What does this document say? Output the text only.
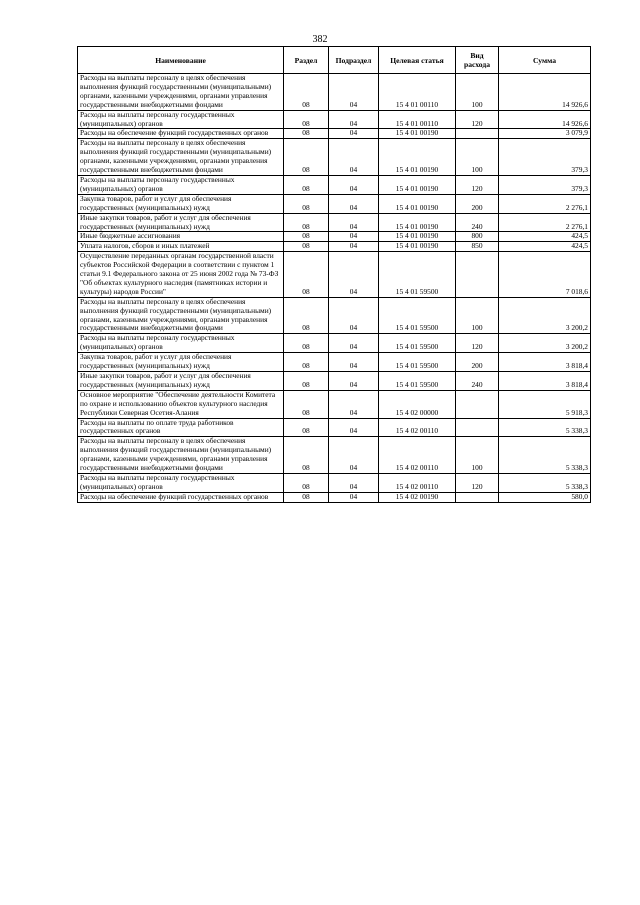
382
Наименование	Раздел	Подраздел	Целевая статья	Вид расхода	Сумма
Расходы на выплаты персоналу в целях обеспечения выполнения функций государственными (муниципальными) органами, казенными учреждениями, органами управления государственными внебюджетными фондами	08	04	15 4 01 00110	100	14 926,6
Расходы на выплаты персоналу государственных (муниципальных) органов	08	04	15 4 01 00110	120	14 926,6
Расходы на обеспечение функций государственных органов	08	04	15 4 01 00190		3 079,9
Расходы на выплаты персоналу в целях обеспечения выполнения функций государственными (муниципальными) органами, казенными учреждениями, органами управления государственными внебюджетными фондами	08	04	15 4 01 00190	100	379,3
Расходы на выплаты персоналу государственных (муниципальных) органов	08	04	15 4 01 00190	120	379,3
Закупка товаров, работ и услуг для обеспечения государственных (муниципальных) нужд	08	04	15 4 01 00190	200	2 276,1
Иные закупки товаров, работ и услуг для обеспечения государственных (муниципальных) нужд	08	04	15 4 01 00190	240	2 276,1
Иные бюджетные ассигнования	08	04	15 4 01 00190	800	424,5
Уплата налогов, сборов и иных платежей	08	04	15 4 01 00190	850	424,5
Осуществление переданных органам государственной власти субъектов Российской Федерации в соответствии с пунктом 1 статьи 9.1 Федерального закона от 25 июня 2002 года № 73-ФЗ "Об объектах культурного наследия (памятниках истории и культуры) народов России"	08	04	15 4 01 59500		7 018,6
Расходы на выплаты персоналу в целях обеспечения выполнения функций государственными (муниципальными) органами, казенными учреждениями, органами управления государственными внебюджетными фондами	08	04	15 4 01 59500	100	3 200,2
Расходы на выплаты персоналу государственных (муниципальных) органов	08	04	15 4 01 59500	120	3 200,2
Закупка товаров, работ и услуг для обеспечения государственных (муниципальных) нужд	08	04	15 4 01 59500	200	3 818,4
Иные закупки товаров, работ и услуг для обеспечения государственных (муниципальных) нужд	08	04	15 4 01 59500	240	3 818,4
Основное мероприятие "Обеспечение деятельности Комитета по охране и использованию объектов культурного наследия Республики Северная Осетия-Алания	08	04	15 4 02 00000		5 918,3
Расходы на выплаты по оплате труда работников государственных органов	08	04	15 4 02 00110		5 338,3
Расходы на выплаты персоналу в целях обеспечения выполнения функций государственными (муниципальными) органами, казенными учреждениями, органами управления государственными внебюджетными фондами	08	04	15 4 02 00110	100	5 338,3
Расходы на выплаты персоналу государственных (муниципальных) органов	08	04	15 4 02 00110	120	5 338,3
Расходы на обеспечение функций государственных органов	08	04	15 4 02 00190		580,0
